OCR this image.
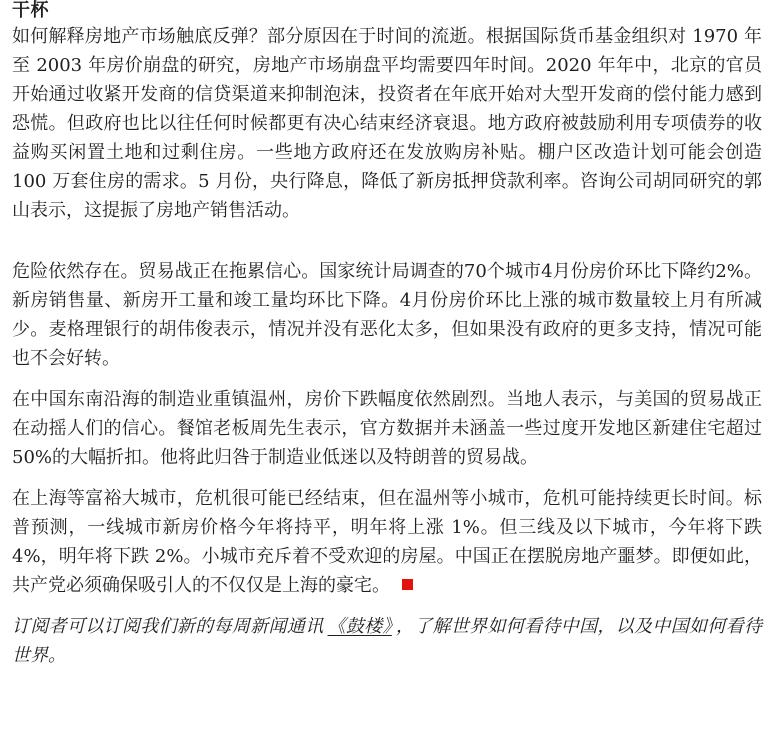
干杯

如何解释房地产市场触底反弹？部分原因在于时间的流逝。根据国际货币基金组织对 1970 年至 2003 年房价崩盘的研究，房地产市场崩盘平均需要四年时间。2020 年年中，北京的官员开始通过收紧开发商的信贷渠道来抑制泡沫，投资者在年底开始对大型开发商的偿付能力感到恐慌。但政府也比以往任何时候都更有决心结束经济衰退。地方政府被鼓励利用专项债券的收益购买闲置土地和过剩住房。一些地方政府还在发放购房补贴。棚户区改造计划可能会创造 100 万套住房的需求。5 月份，央行降息，降低了新房抵押贷款利率。咨询公司胡同研究的郭山表示，这提振了房地产销售活动。

危险依然存在。贸易战正在拖累信心。国家统计局调查的70个城市4月份房价环比下降约2%。新房销售量、新房开工量和竣工量均环比下降。4月份房价环比上涨的城市数量较上月有所减少。麦格理银行的胡伟俊表示，情况并没有恶化太多，但如果没有政府的更多支持，情况可能也不会好转。

在中国东南沿海的制造业重镇温州，房价下跌幅度依然剧烈。当地人表示，与美国的贸易战正在动摇人们的信心。餐馆老板周先生表示，官方数据并未涵盖一些过度开发地区新建住宅超过50%的大幅折扣。他将此归咎于制造业低迷以及特朗普的贸易战。

在上海等富裕大城市，危机很可能已经结束，但在温州等小城市，危机可能持续更长时间。标普预测，一线城市新房价格今年将持平，明年将上涨 1%。但三线及以下城市，今年将下跌 4%，明年将下跌 2%。小城市充斥着不受欢迎的房屋。中国正在摆脱房地产噩梦。即便如此，共产党必须确保吸引人的不仅仅是上海的豪宅。

订阅者可以订阅我们新的每周新闻通讯 《鼓楼》 ，了解世界如何看待中国，以及中国如何看待世界。
